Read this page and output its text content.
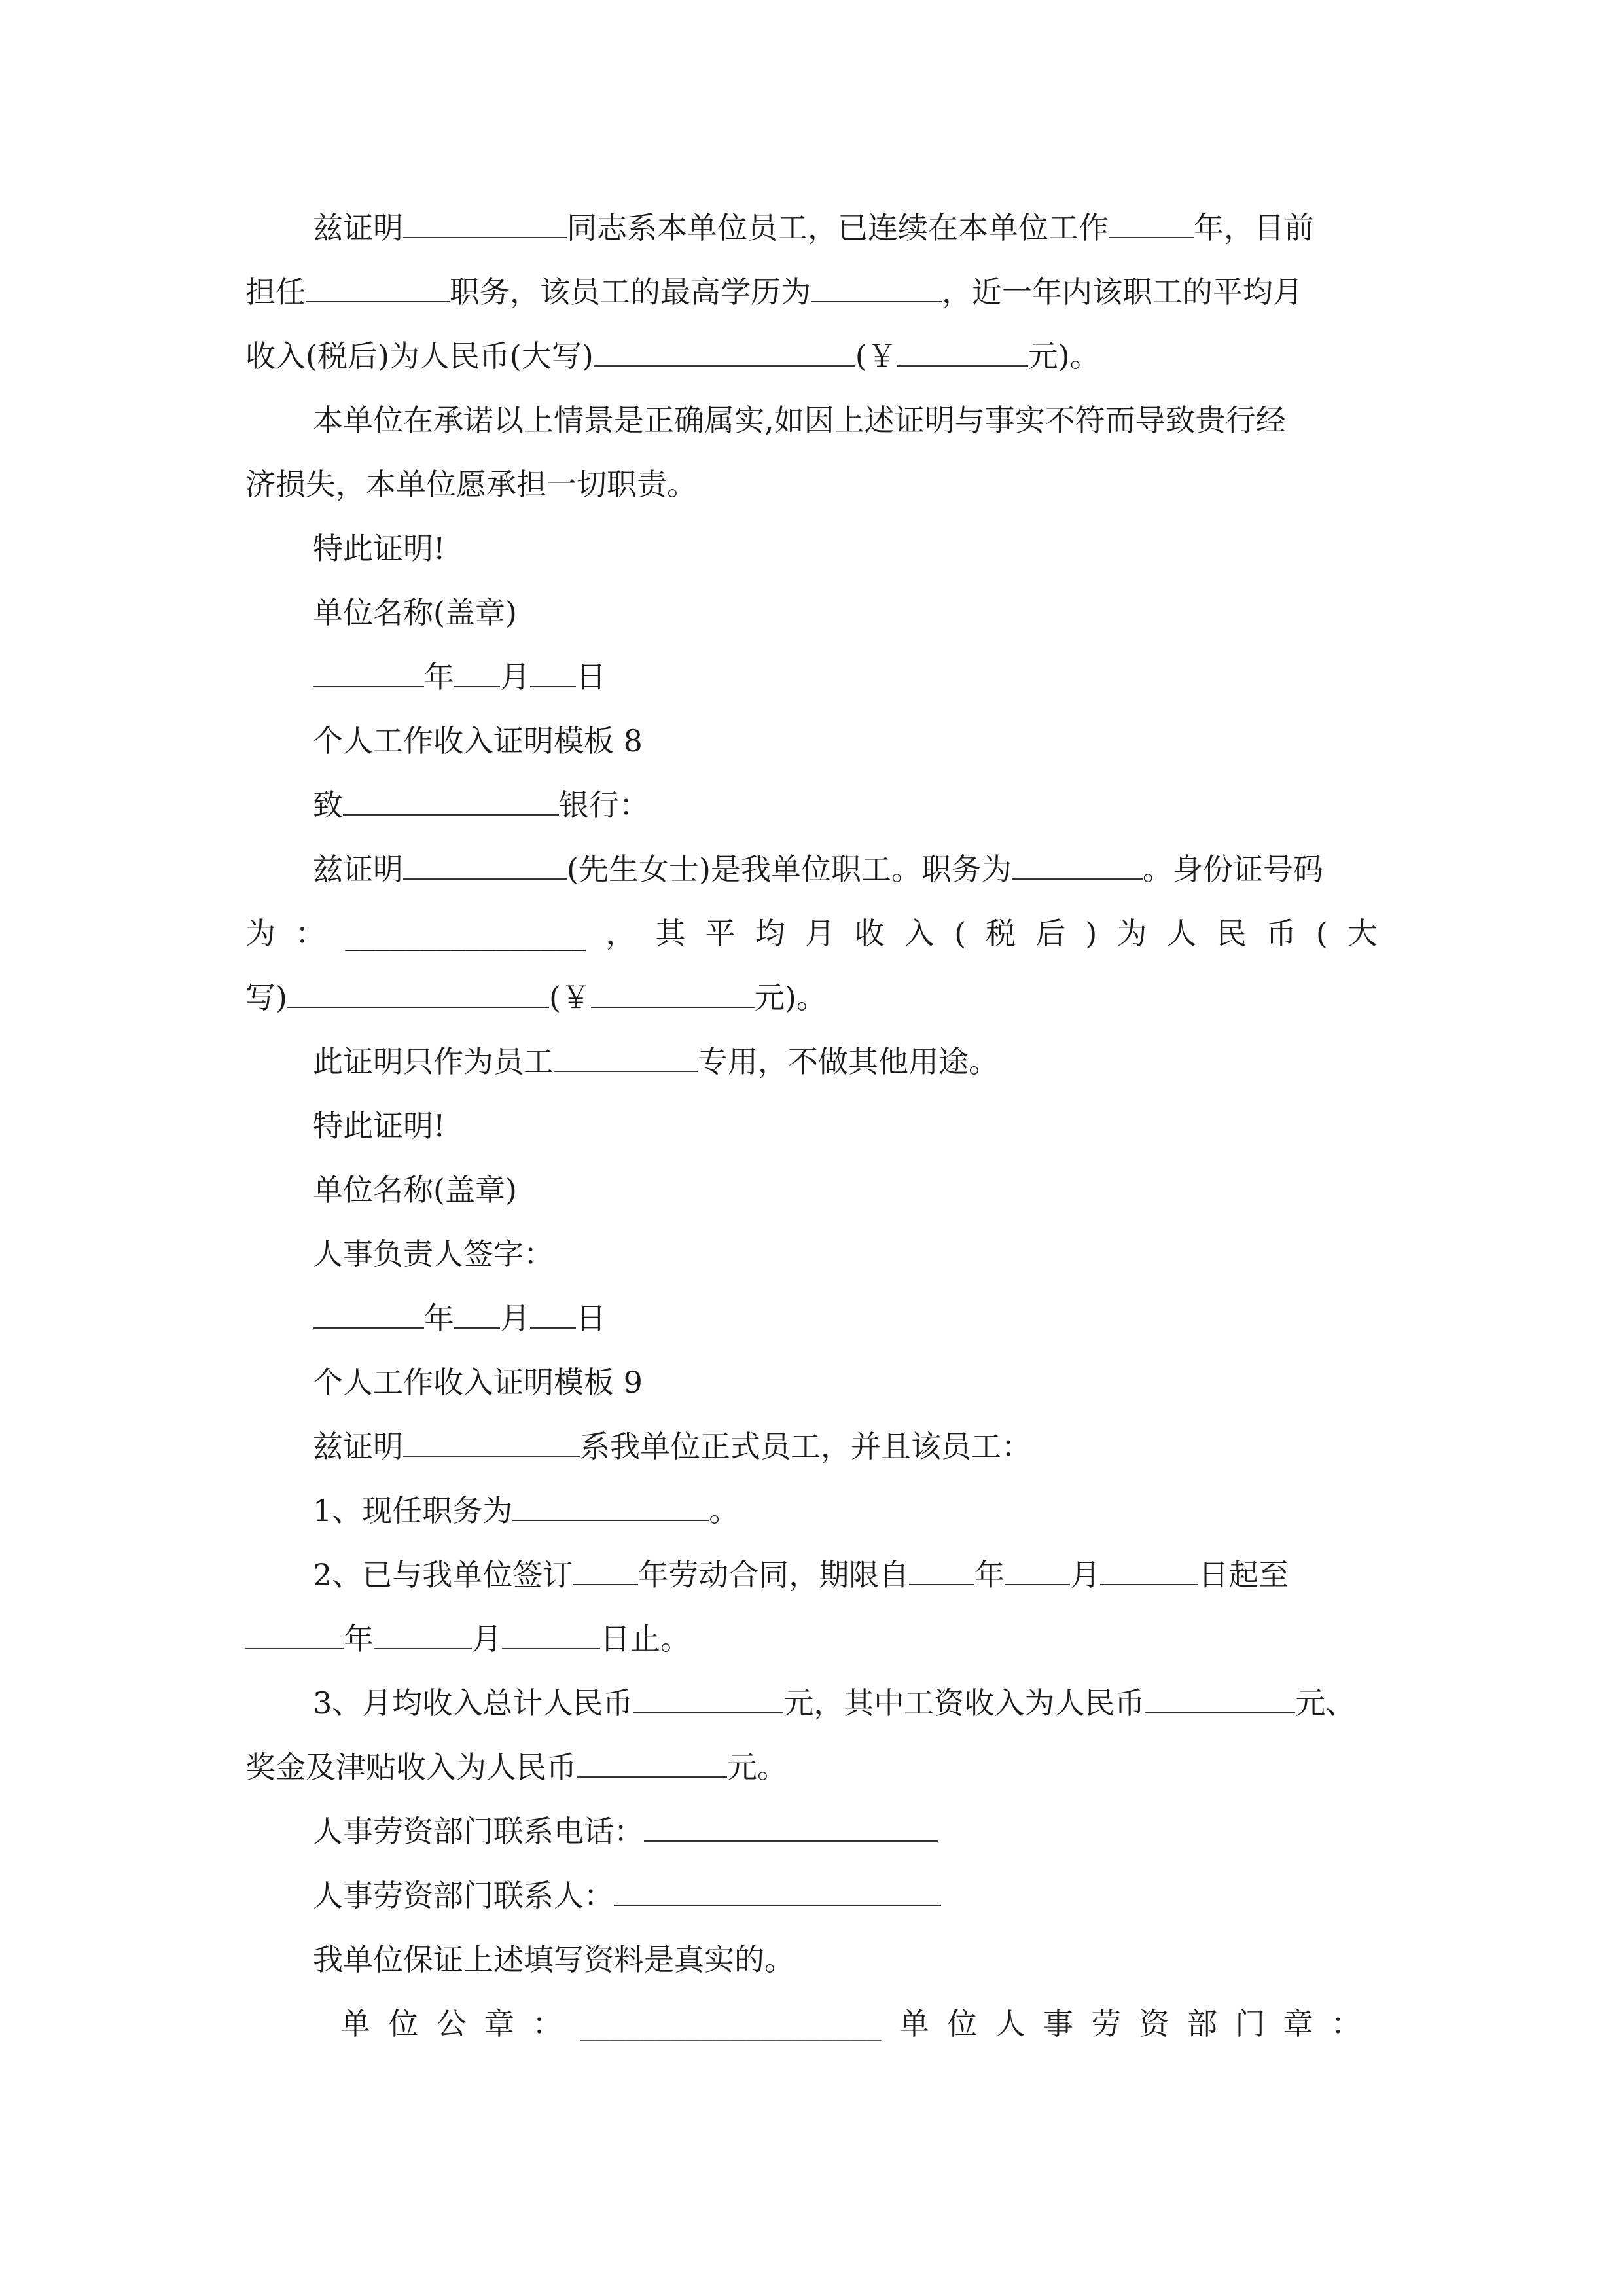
兹证明	同志系本单位员工，已连续在本单位工作	年，目前
担任	职务，该员工的最高学历为	，近一年内该职工的平均月
收入(税后)为人民币(大写)	(￥	元)。
本单位在承诺以上情景是正确属实,如因上述证明与事实不符而导致贵行经
济损失，本单位愿承担一切职责。
特此证明!
单位名称(盖章)
年 月 日
个人工作收入证明模板 8
致	银行：
兹证明	(先生女士)是我单位职工。职务为	。身份证号码
为 ： ________________ ， 其 平 均 月 收 入 ( 税 后 ) 为 人 民 币 ( 大
写)	(￥	元)。
此证明只作为员工	专用，不做其他用途。
特此证明!
单位名称(盖章)
人事负责人签字：
年 月 日
个人工作收入证明模板 9
兹证明	系我单位正式员工，并且该员工：
1、现任职务为	。
2、已与我单位签订 年劳动合同，期限自 年 月	日起至
年	月	日止。
3、月均收入总计人民币	元，其中工资收入为人民币	元、
奖金及津贴收入为人民币	元。
人事劳资部门联系电话：
人事劳资部门联系人：
我单位保证上述填写资料是真实的。
单 位 公 章 ： ____________________ 单 位 人 事 劳 资 部 门 章 ：
